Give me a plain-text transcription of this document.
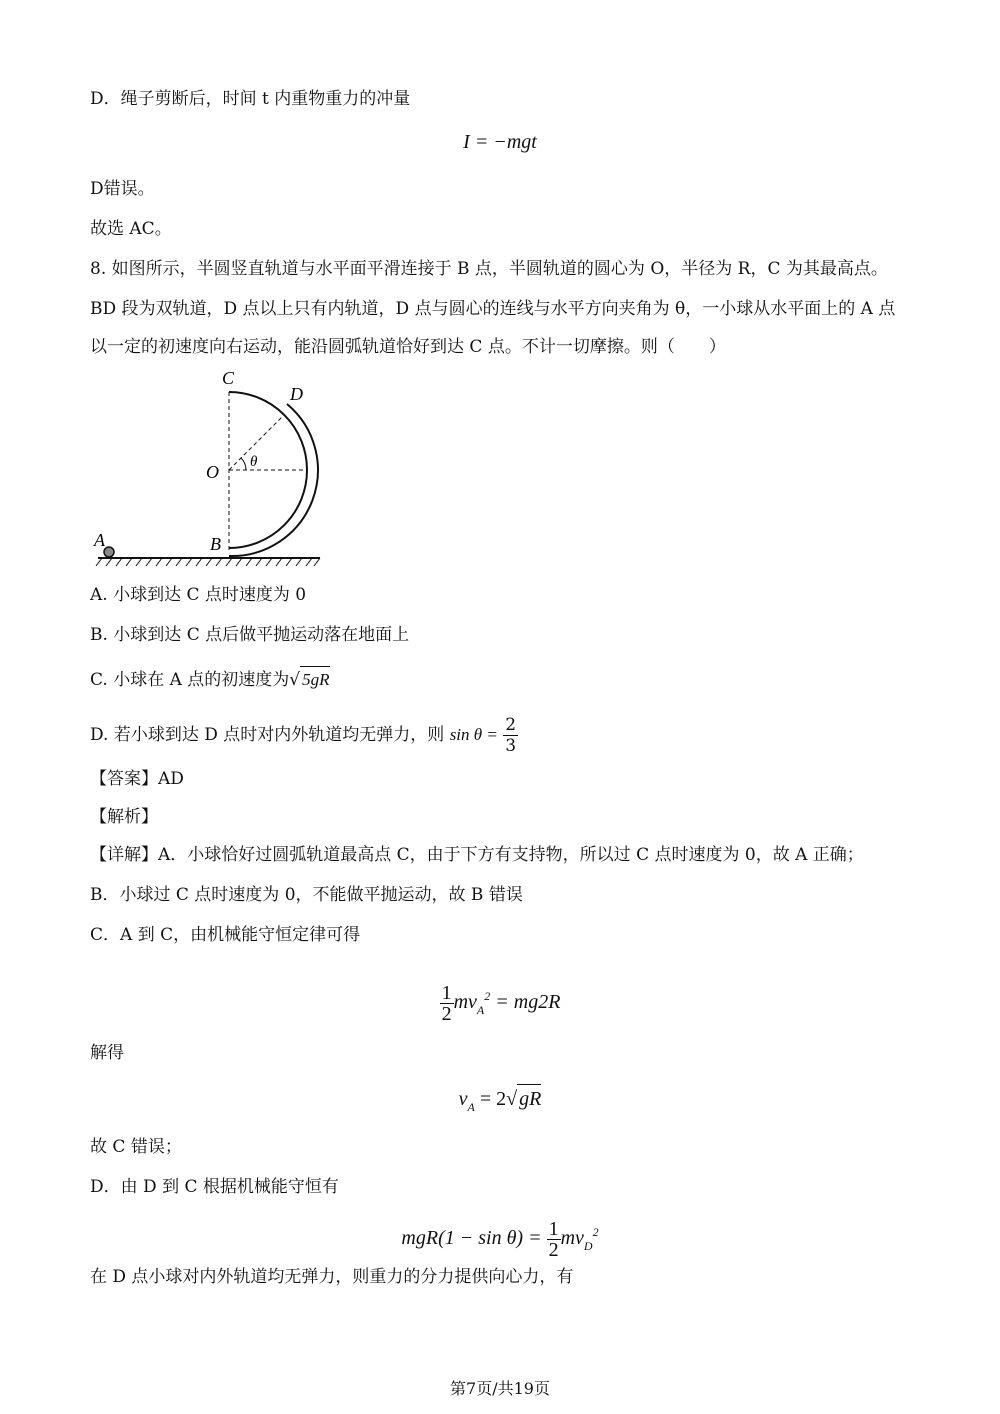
D．绳子剪断后，时间 t 内重物重力的冲量
I = −mgt
D错误。
故选 AC。
8. 如图所示，半圆竖直轨道与水平面平滑连接于 B 点，半圆轨道的圆心为 O，半径为 R，C 为其最高点。
BD 段为双轨道，D 点以上只有内轨道，D 点与圆心的连线与水平方向夹角为 θ，一小球从水平面上的 A 点
以一定的初速度向右运动，能沿圆弧轨道恰好到达 C 点。不计一切摩擦。则（　　）
C
D
O θ
A	B
A. 小球到达 C 点时速度为 0
B. 小球到达 C 点后做平抛运动落在地面上
C. 小球在 A 点的初速度为√ 5gR
D. 若小球到达 D 点时对内外轨道均无弹力，则 $\sin \theta = \frac{2}{3}$
【答案】AD
【解析】
【详解】A．小球恰好过圆弧轨道最高点 C，由于下方有支持物，所以过 C 点时速度为 0，故 A 正确；
B．小球过 C 点时速度为 0，不能做平抛运动，故 B 错误
C．A 到 C，由机械能守恒定律可得
$\frac{1}{2} mv_A^2 = mg2R$
解得
$v_A = 2√$ gR
故 C 错误；
D．由 D 到 C 根据机械能守恒有
$mgR(1 - \sin \theta) = \frac{1}{2} mv_D^2$
在 D 点小球对内外轨道均无弹力，则重力的分力提供向心力，有
第7页/共19页
